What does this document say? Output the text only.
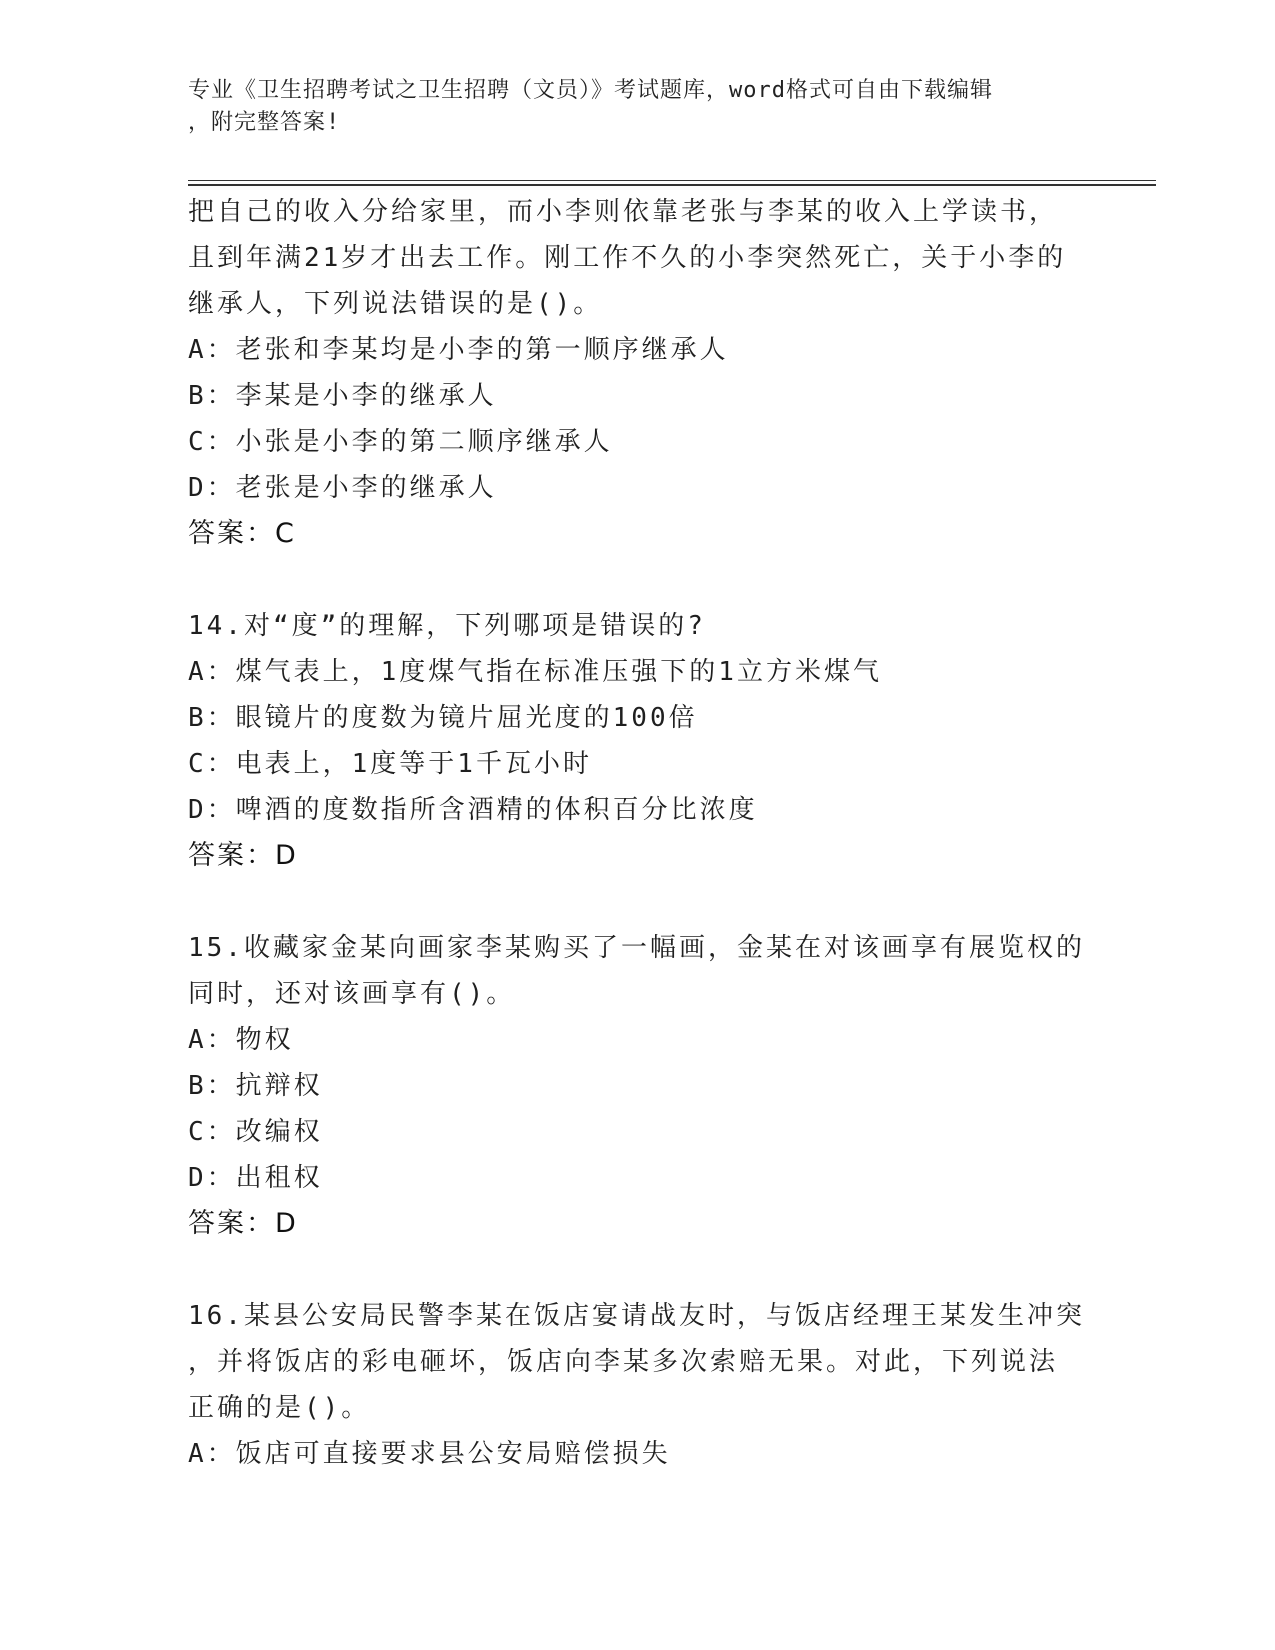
专业《卫生招聘考试之卫生招聘（文员）》考试题库，word格式可自由下载编辑
，附完整答案!
把自己的收入分给家里，而小李则依靠老张与李某的收入上学读书，
且到年满21岁才出去工作。刚工作不久的小李突然死亡，关于小李的
继承人，下列说法错误的是()。
A：老张和李某均是小李的第一顺序继承人
B：李某是小李的继承人
C：小张是小李的第二顺序继承人
D：老张是小李的继承人
答案：C
14.对“度”的理解，下列哪项是错误的?
A：煤气表上，1度煤气指在标准压强下的1立方米煤气
B：眼镜片的度数为镜片屈光度的100倍
C：电表上，1度等于1千瓦小时
D：啤酒的度数指所含酒精的体积百分比浓度
答案：D
15.收藏家金某向画家李某购买了一幅画，金某在对该画享有展览权的
同时，还对该画享有()。
A：物权
B：抗辩权
C：改编权
D：出租权
答案：D
16.某县公安局民警李某在饭店宴请战友时，与饭店经理王某发生冲突
，并将饭店的彩电砸坏，饭店向李某多次索赔无果。对此，下列说法
正确的是()。
A：饭店可直接要求县公安局赔偿损失
